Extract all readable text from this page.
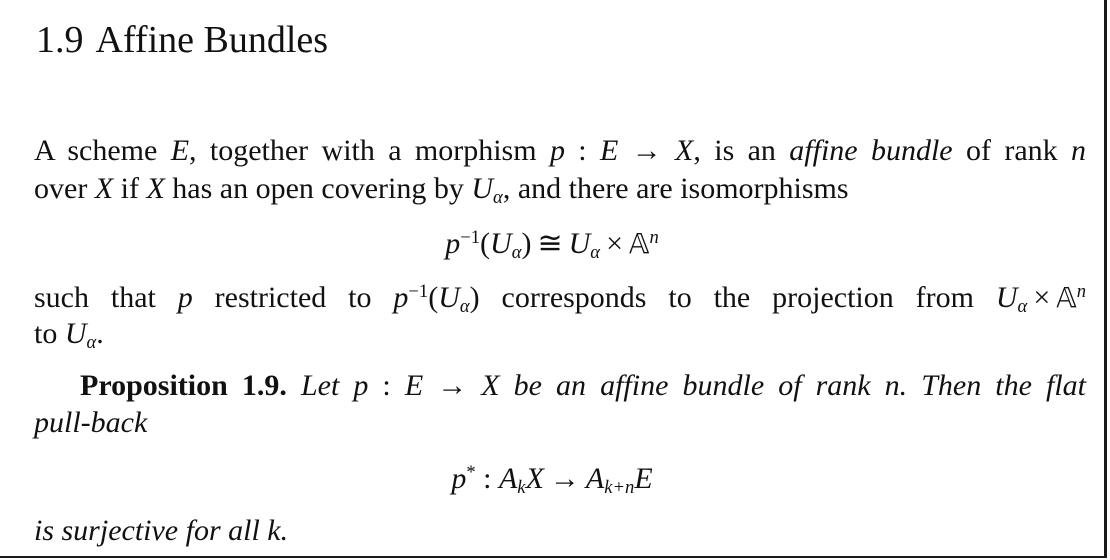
1.9 Affine Bundles
A scheme E, together with a morphism p : E → X, is an affine bundle of rank n
over X if X has an open covering by $U_\alpha$, and there are isomorphisms
$p^{-1}(U_\alpha)$ ≅ $U_\alpha$ × 𝔸$^n$
such that p restricted to $p^{-1}(U_\alpha)$ corresponds to the projection from $U_\alpha$ × 𝔸$^n$
to $U_\alpha$.
Proposition 1.9. Let p : E → X be an affine bundle of rank n. Then the flat
pull-back
p* : $A_kX \to A_{k+n}E$
is surjective for all k.
